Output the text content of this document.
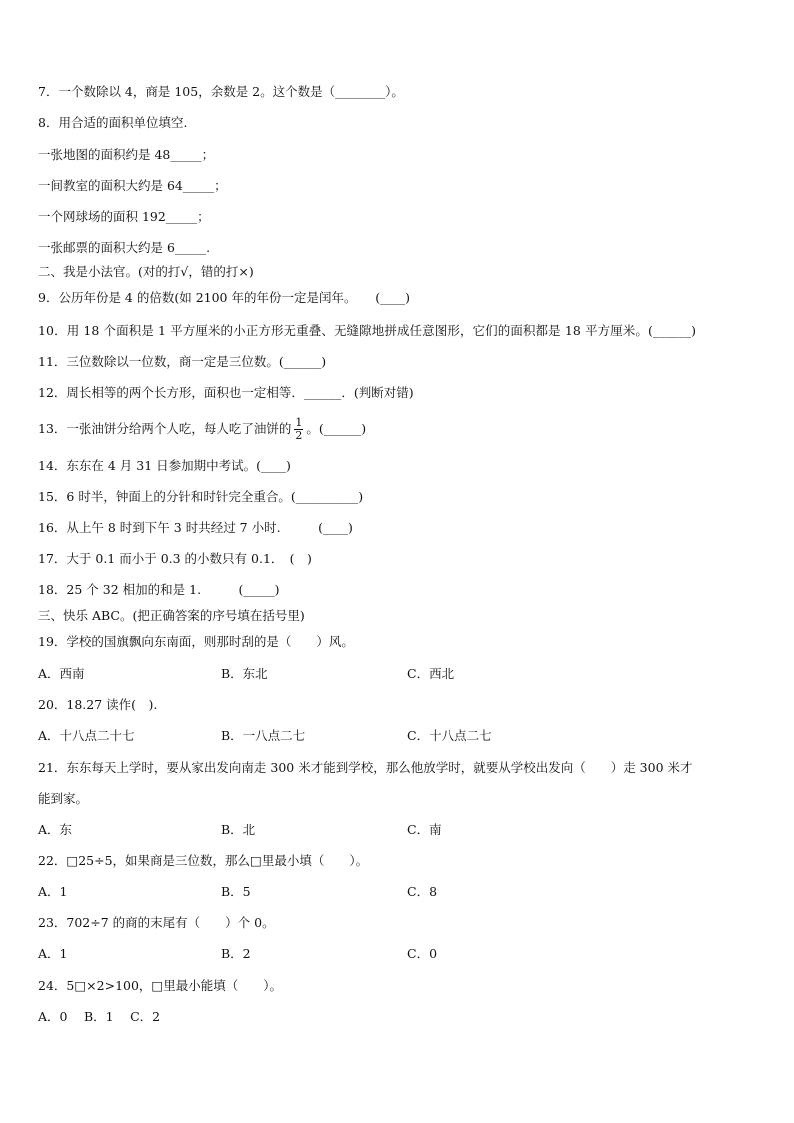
7．一个数除以 4，商是 105，余数是 2。这个数是（________）。
8．用合适的面积单位填空.
一张地图的面积约是 48_____；
一间教室的面积大约是 64_____；
一个网球场的面积 192_____；
一张邮票的面积大约是 6_____.
二、我是小法官。(对的打√，错的打×)
9．公历年份是 4 的倍数(如 2100 年的年份一定是闰年。　　(____)
10．用 18 个面积是 1 平方厘米的小正方形无重叠、无缝隙地拼成任意图形，它们的面积都是 18 平方厘米。(______)
11．三位数除以一位数，商一定是三位数。(______)
12．周长相等的两个长方形，面积也一定相等．______．(判断对错)
13．一张油饼分给两个人吃，每人吃了油饼的 $\frac{1}{2}$ 。(______)
14．东东在 4 月 31 日参加期中考试。(____)
15．6 时半，钟面上的分针和时针完全重合。(__________)
16．从上午 8 时到下午 3 时共经过 7 小时.　　　(____)
17．大于 0.1 而小于 0.3 的小数只有 0.1．　(　)
18．25 个 32 相加的和是 1.　　　(_____)
三、快乐 ABC。(把正确答案的序号填在括号里)
19．学校的国旗飘向东南面，则那时刮的是（　　）风。
A．西南	B．东北	C．西北
20．18.27 读作(　).
A．十八点二十七	B．一八点二七	C．十八点二七
21．东东每天上学时，要从家出发向南走 300 米才能到学校，那么他放学时，就要从学校出发向（　　）走 300 米才
能到家。
A．东	B．北	C．南
22．□25÷5，如果商是三位数，那么□里最小填（　　）。
A．1	B．5	C．8
23．702÷7 的商的末尾有（　　）个 0。
A．1	B．2	C．0
24．5□×2>100，□里最小能填（　　）。
A．0　 B．1　 C．2
